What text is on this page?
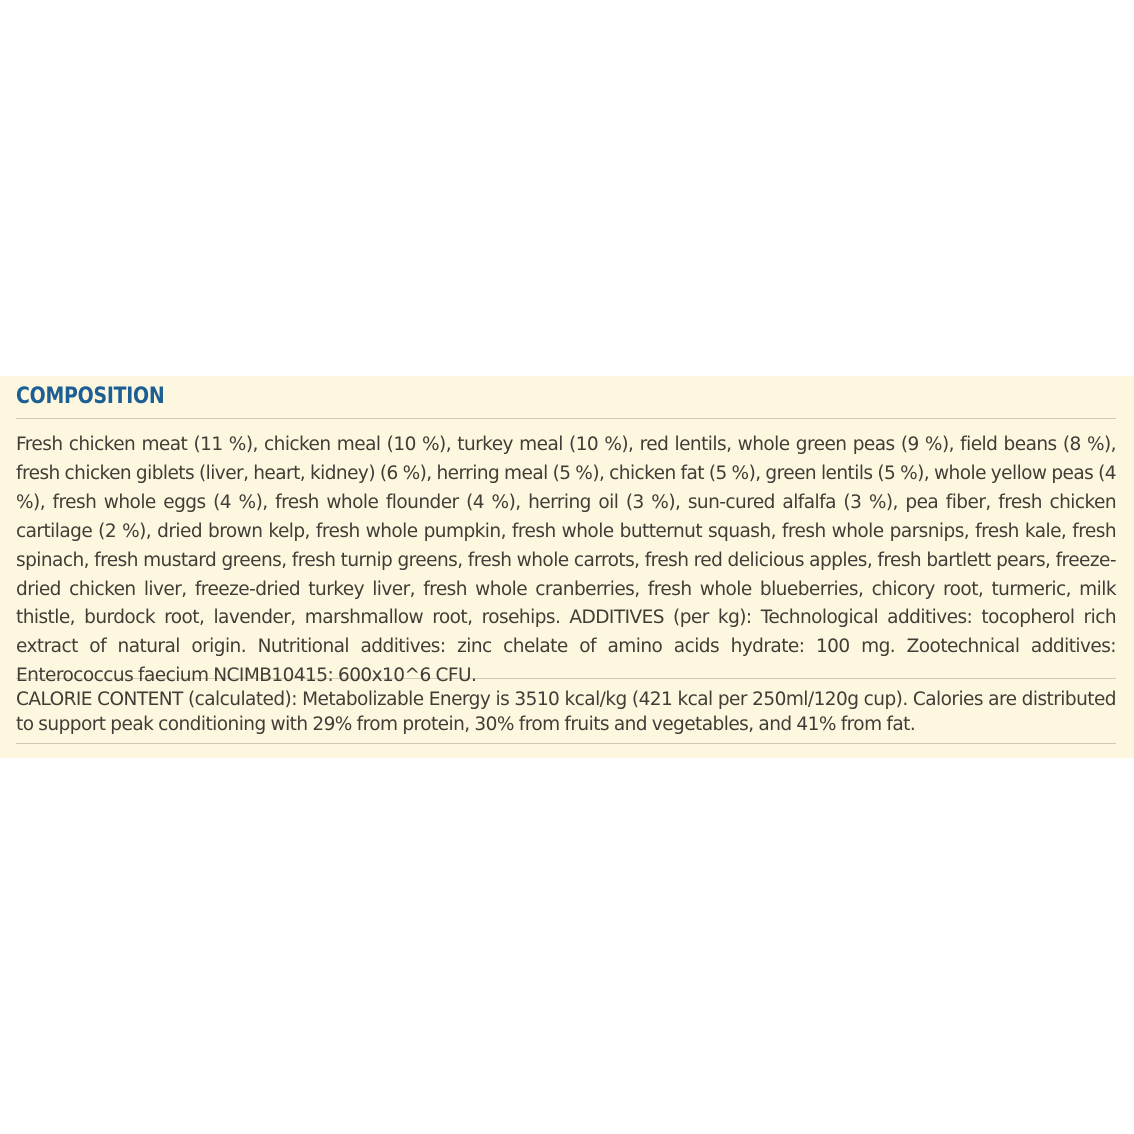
COMPOSITION

Fresh chicken meat (11 %), chicken meal (10 %), turkey meal (10 %), red lentils, whole green peas (9 %), field beans (8 %), fresh chicken giblets (liver, heart, kidney) (6 %), herring meal (5 %), chicken fat (5 %), green lentils (5 %), whole yellow peas (4 %), fresh whole eggs (4 %), fresh whole flounder (4 %), herring oil (3 %), sun-cured alfalfa (3 %), pea fiber, fresh chicken cartilage (2 %), dried brown kelp, fresh whole pumpkin, fresh whole butternut squash, fresh whole parsnips, fresh kale, fresh spinach, fresh mustard greens, fresh turnip greens, fresh whole carrots, fresh red delicious apples, fresh bartlett pears, freeze-dried chicken liver, freeze-dried turkey liver, fresh whole cranberries, fresh whole blueberries, chicory root, turmeric, milk thistle, burdock root, lavender, marshmallow root, rosehips. ADDITIVES (per kg): Technological additives: tocopherol rich extract of natural origin. Nutritional additives: zinc chelate of amino acids hydrate: 100 mg. Zootechnical additives: Enterococcus faecium NCIMB10415: 600x10^6 CFU.

CALORIE CONTENT (calculated): Metabolizable Energy is 3510 kcal/kg (421 kcal per 250ml/120g cup). Calories are distributed to support peak conditioning with 29% from protein, 30% from fruits and vegetables, and 41% from fat.
